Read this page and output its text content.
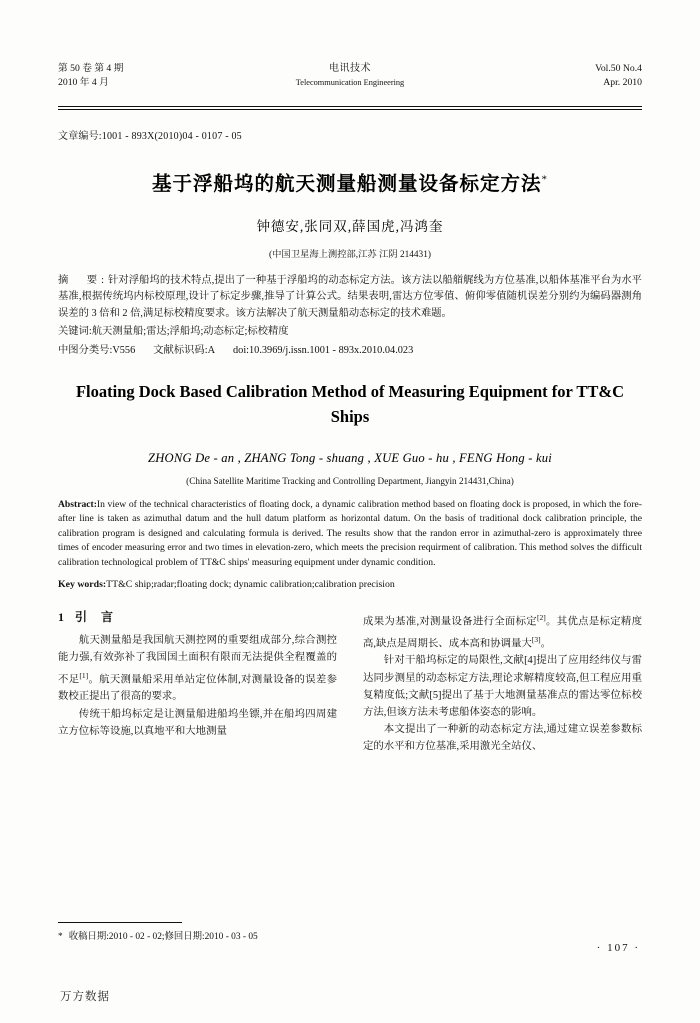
第 50 卷 第 4 期
2010 年 4 月
电讯技术
Telecommunication Engineering
Vol.50 No.4
Apr. 2010
文章编号:1001 - 893X(2010)04 - 0107 - 05
基于浮船坞的航天测量船测量设备标定方法*
钟德安,张同双,薛国虎,冯鸿奎
(中国卫星海上测控部,江苏 江阴 214431)
摘　要:针对浮船坞的技术特点,提出了一种基于浮船坞的动态标定方法。该方法以船艏艉线为方位基准,以船体基准平台为水平基准,根据传统坞内标校原理,设计了标定步骤,推导了计算公式。结果表明,雷达方位零值、俯仰零值随机误差分别约为编码器测角误差的 3 倍和 2 倍,满足标校精度要求。该方法解决了航天测量船动态标定的技术难题。
关键词:航天测量船;雷达;浮船坞;动态标定;标校精度
中图分类号:V556 文献标识码:A doi:10.3969/j.issn.1001 - 893x.2010.04.023
Floating Dock Based Calibration Method of Measuring Equipment for TT&C Ships
ZHONG De - an , ZHANG Tong - shuang , XUE Guo - hu , FENG Hong - kui
(China Satellite Maritime Tracking and Controlling Department, Jiangyin 214431,China)
Abstract:In view of the technical characteristics of floating dock, a dynamic calibration method based on floating dock is proposed, in which the fore-after line is taken as azimuthal datum and the hull datum platform as horizontal datum. On the basis of traditional dock calibration principle, the calibration program is designed and calculating formula is derived. The results show that the randon error in azimuthal-zero is approximately three times of encoder measuring error and two times in elevation-zero, which meets the precision requirment of calibration. This method solves the difficult calibration technological problem of TT&C ships' measuring equipment under dynamic condition.
Key words:TT&C ship;radar;floating dock; dynamic calibration;calibration precision
1 引　言
航天测量船是我国航天测控网的重要组成部分,综合测控能力强,有效弥补了我国国土面积有限而无法提供全程覆盖的不足[1]。航天测量船采用单站定位体制,对测量设备的误差参数校正提出了很高的要求。
传统干船坞标定是让测量船进船坞坐镖,并在船坞四周建立方位标等设施,以真地平和大地测量
成果为基准,对测量设备进行全面标定[2]。其优点是标定精度高,缺点是周期长、成本高和协调量大[3]。
针对干船坞标定的局限性,文献[4]提出了应用经纬仪与雷达同步测星的动态标定方法,理论求解精度较高,但工程应用重复精度低;文献[5]提出了基于大地测量基准点的雷达零位标校方法,但该方法未考虑船体姿态的影响。
本文提出了一种新的动态标定方法,通过建立误差参数标定的水平和方位基准,采用激光全站仪、
* 收稿日期:2010 - 02 - 02;修回日期:2010 - 03 - 05
· 107 ·
万方数据
